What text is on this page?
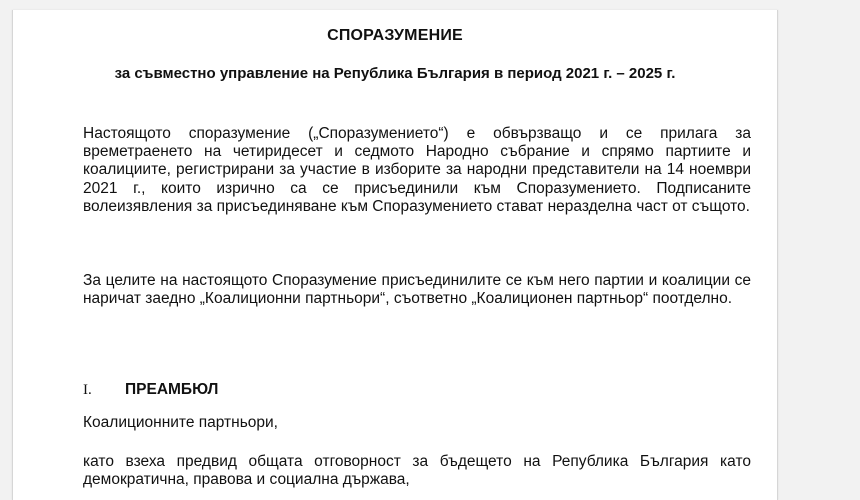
СПОРАЗУМЕНИЕ
за съвместно управление на Република България в период 2021 г. – 2025 г.
Настоящото споразумение („Споразумението“) е обвързващо и се прилага за времетраенето на четиридесет и седмото Народно събрание и спрямо партиите и коалициите, регистрирани за участие в изборите за народни представители на 14 ноември 2021 г., които изрично са се присъединили към Споразумението. Подписаните волеизявления за присъединяване към Споразумението стават неразделна част от същото.
За целите на настоящото Споразумение присъединилите се към него партии и коалиции се наричат заедно „Коалиционни партньори“, съответно „Коалиционен партньор“ поотделно.
I. ПРЕАМБЮЛ
Коалиционните партньори,
като взеха предвид общата отговорност за бъдещето на Република България като демократична, правова и социална държава,
